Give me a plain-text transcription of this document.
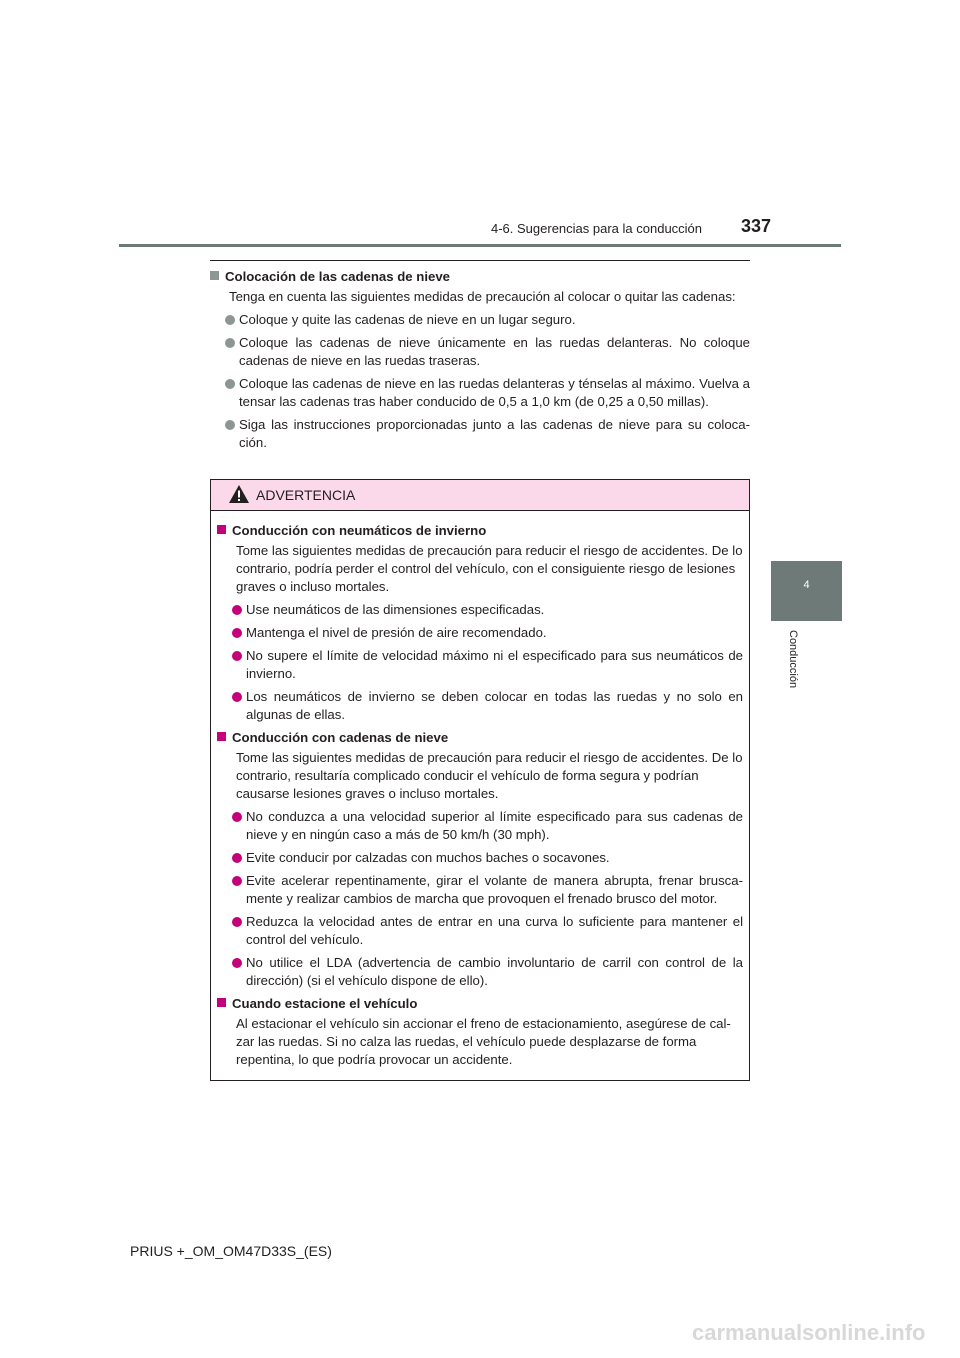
4-6. Sugerencias para la conducción 337
4
Conducción
Colocación de las cadenas de nieve
Tenga en cuenta las siguientes medidas de precaución al colocar o quitar las cadenas:
Coloque y quite las cadenas de nieve en un lugar seguro.
Coloque las cadenas de nieve únicamente en las ruedas delanteras. No coloque cadenas de nieve en las ruedas traseras.
Coloque las cadenas de nieve en las ruedas delanteras y ténselas al máximo. Vuelva a tensar las cadenas tras haber conducido de 0,5 a 1,0 km (de 0,25 a 0,50 millas).
Siga las instrucciones proporcionadas junto a las cadenas de nieve para su coloca-ción.
ADVERTENCIA
Conducción con neumáticos de invierno
Tome las siguientes medidas de precaución para reducir el riesgo de accidentes. De lo contrario, podría perder el control del vehículo, con el consiguiente riesgo de lesiones graves o incluso mortales.
Use neumáticos de las dimensiones especificadas.
Mantenga el nivel de presión de aire recomendado.
No supere el límite de velocidad máximo ni el especificado para sus neumáticos de invierno.
Los neumáticos de invierno se deben colocar en todas las ruedas y no solo en algunas de ellas.
Conducción con cadenas de nieve
Tome las siguientes medidas de precaución para reducir el riesgo de accidentes. De lo contrario, resultaría complicado conducir el vehículo de forma segura y podrían causarse lesiones graves o incluso mortales.
No conduzca a una velocidad superior al límite especificado para sus cadenas de nieve y en ningún caso a más de 50 km/h (30 mph).
Evite conducir por calzadas con muchos baches o socavones.
Evite acelerar repentinamente, girar el volante de manera abrupta, frenar brusca-mente y realizar cambios de marcha que provoquen el frenado brusco del motor.
Reduzca la velocidad antes de entrar en una curva lo suficiente para mantener el control del vehículo.
No utilice el LDA (advertencia de cambio involuntario de carril con control de la dirección) (si el vehículo dispone de ello).
Cuando estacione el vehículo
Al estacionar el vehículo sin accionar el freno de estacionamiento, asegúrese de cal-zar las ruedas. Si no calza las ruedas, el vehículo puede desplazarse de forma repentina, lo que podría provocar un accidente.
PRIUS +_OM_OM47D33S_(ES)
carmanualsonline.info
